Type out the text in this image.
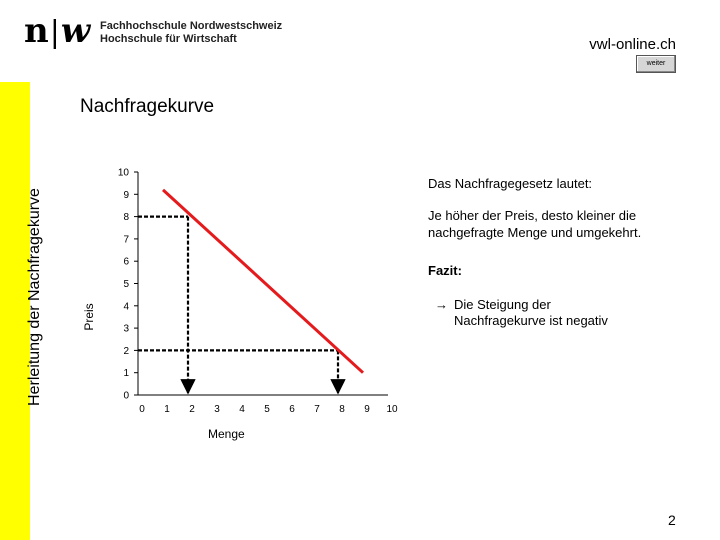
Herleitung der Nachfragekurve
n|w Fachhochschule Nordwestschweiz
Hochschule für Wirtschaft	vwl-online.ch
weiter
Nachfragekurve
0
1
2
3
4
5
6
7
8
9
10
0 1 2 3 4 5 6 7 8 9 10
Preis
Menge
Das Nachfragegesetz lautet:
Je höher der Preis, desto kleiner die nachgefragte Menge und umgekehrt.
Fazit:
→ Die Steigung der Nachfragekurve ist negativ
2
